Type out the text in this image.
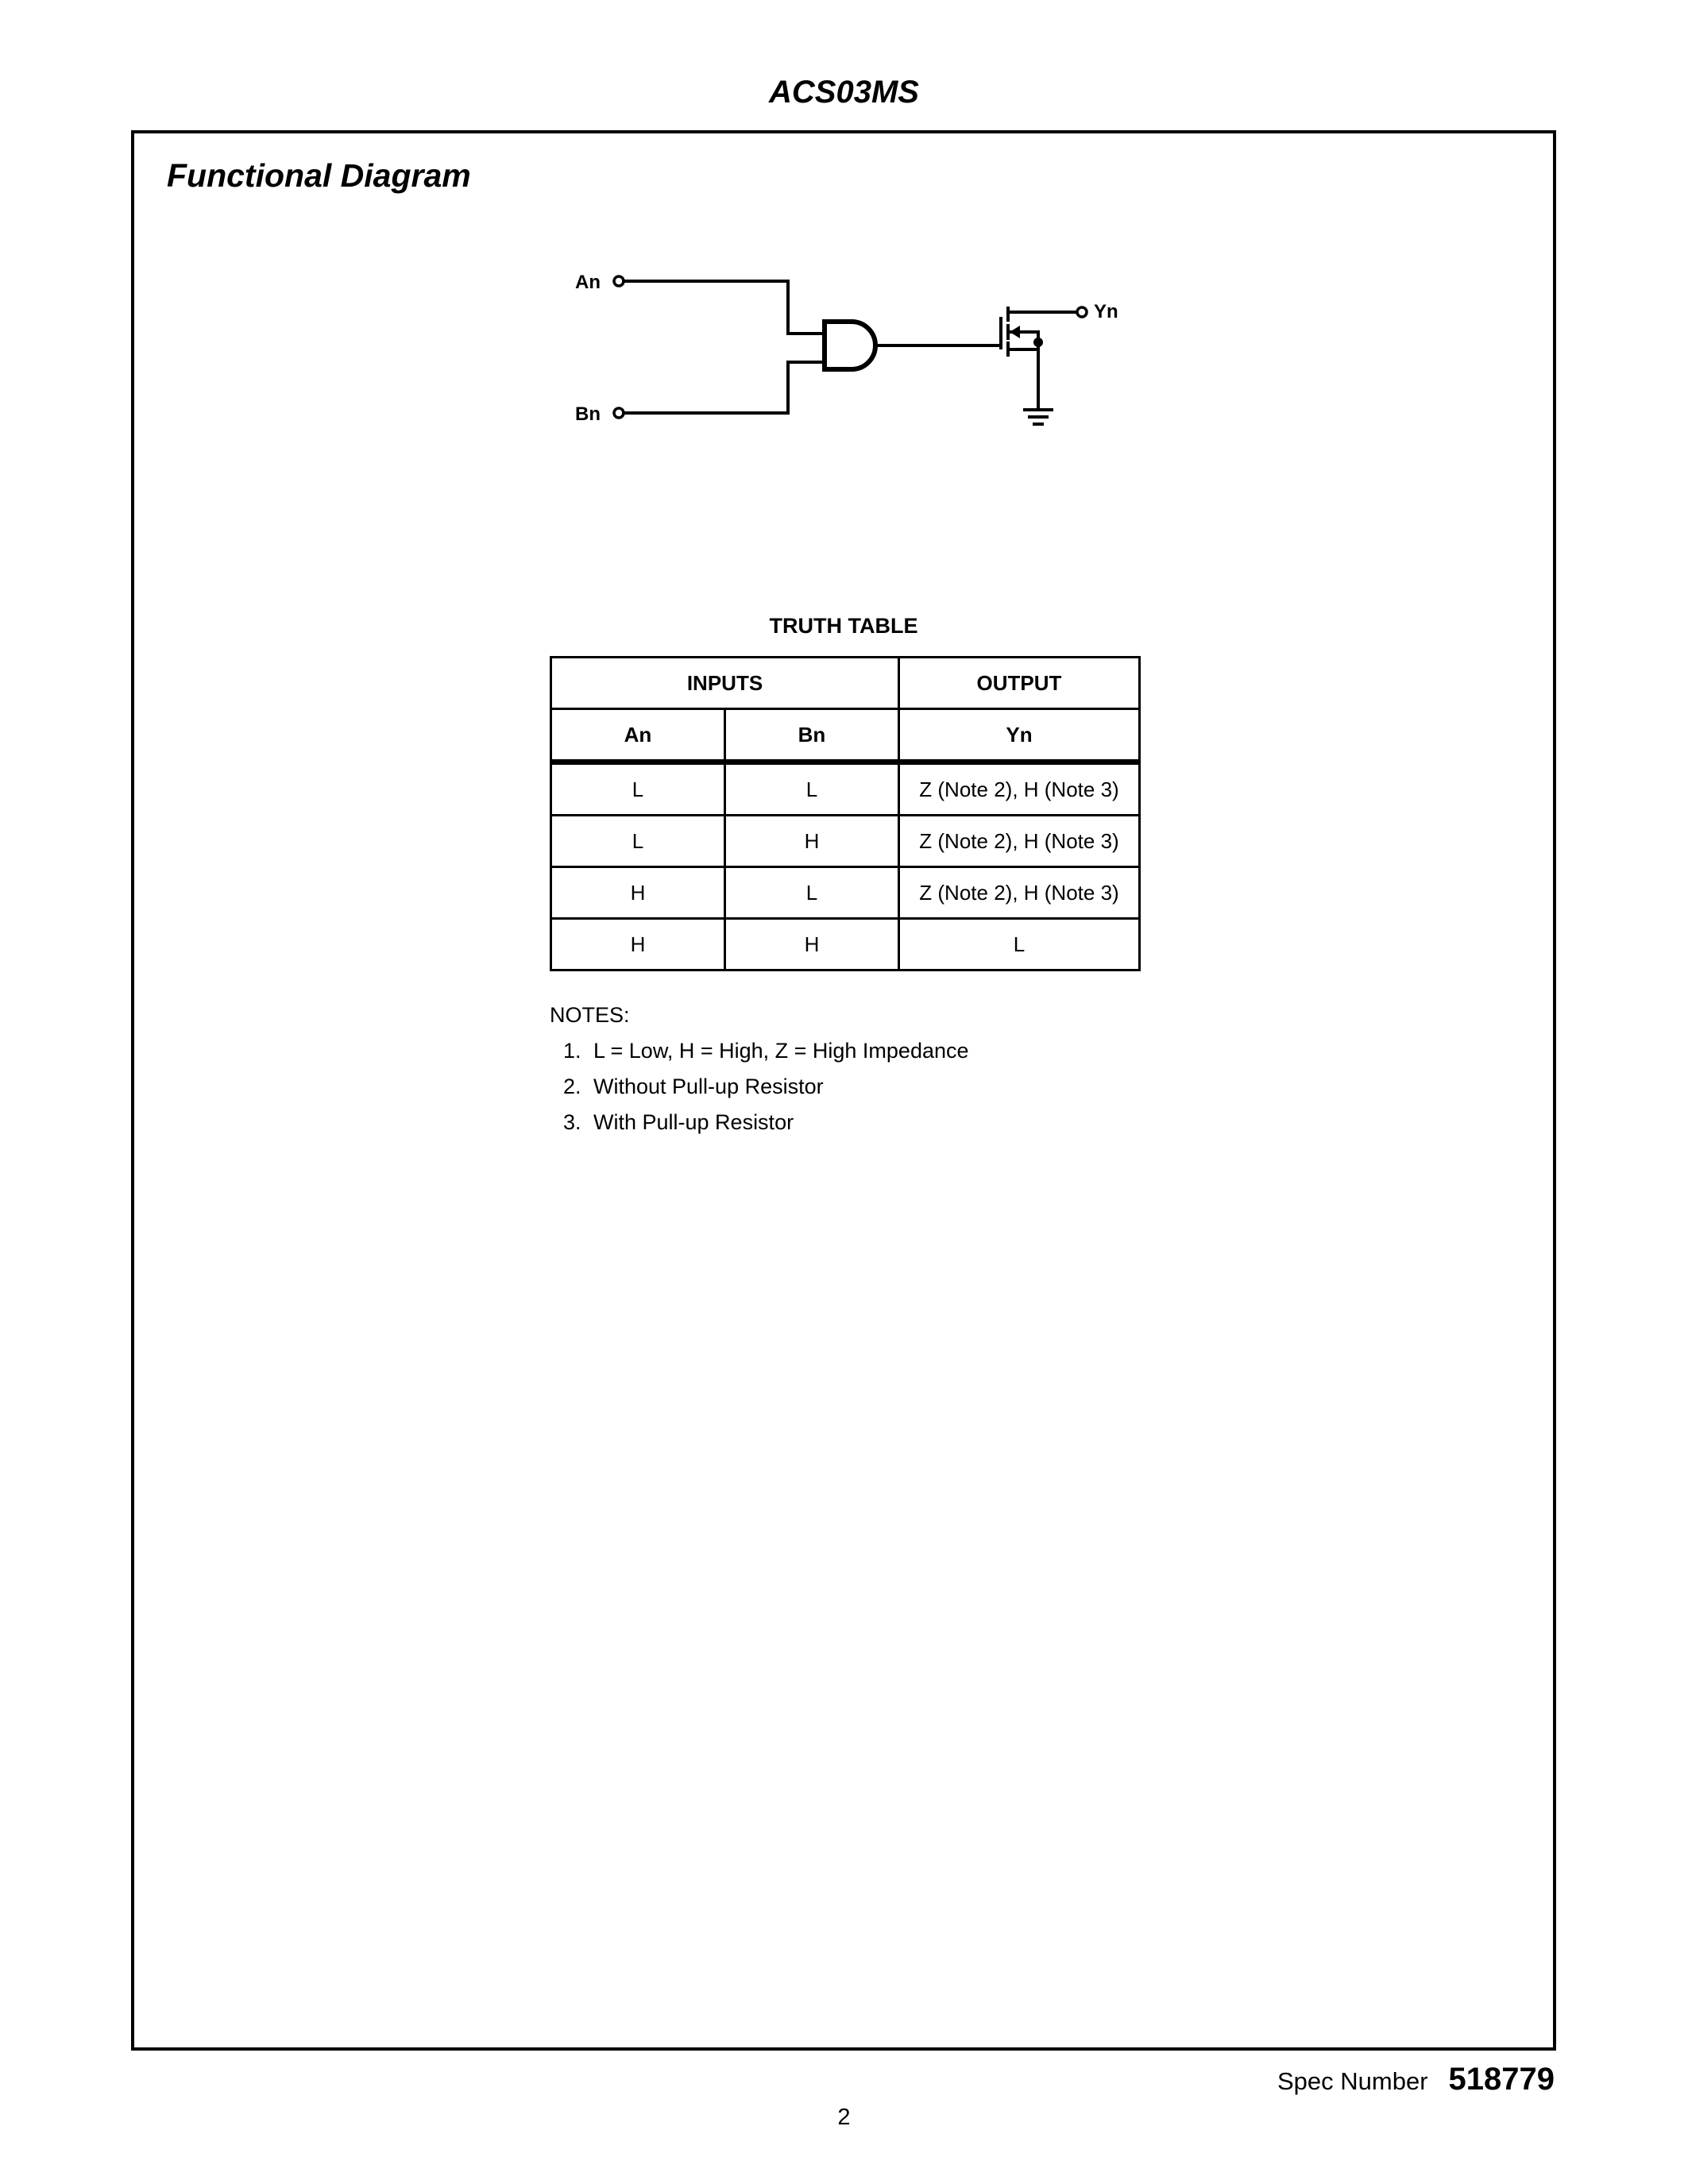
ACS03MS
Functional Diagram
An
Bn
Yn
TRUTH TABLE
INPUTS		OUTPUT
An	Bn	Yn
L	L	Z (Note 2), H (Note 3)
L	H	Z (Note 2), H (Note 3)
H	L	Z (Note 2), H (Note 3)
H	H	L
NOTES:
1. L = Low, H = High, Z = High Impedance
2. Without Pull-up Resistor
3. With Pull-up Resistor
Spec Number 518779
2
